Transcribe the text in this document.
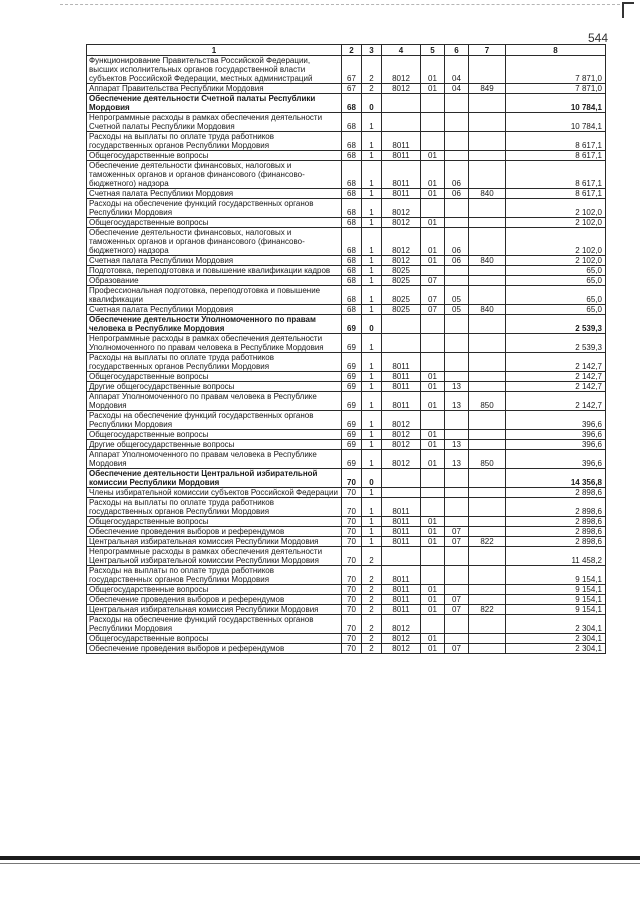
544
1	2	3	4	5	6	7	8
Функционирование Правительства Российской Федерации, высших исполнительных органов государственной власти субъектов Российской Федерации, местных администраций	67	2	8012	01	04		7 871,0
Аппарат Правительства Республики Мордовия	67	2	8012	01	04	849	7 871,0
Обеспечение деятельности Счетной палаты Республики Мордовия	68	0					10 784,1
Непрограммные расходы в рамках обеспечения деятельности Счетной палаты Республики Мордовия	68	1					10 784,1
Расходы на выплаты по оплате труда работников государственных органов Республики Мордовия	68	1	8011				8 617,1
Общегосударственные вопросы	68	1	8011	01			8 617,1
Обеспечение деятельности финансовых, налоговых и таможенных органов и органов финансового (финансово-бюджетного) надзора	68	1	8011	01	06		8 617,1
Счетная палата Республики Мордовия	68	1	8011	01	06	840	8 617,1
Расходы на обеспечение функций государственных органов Республики Мордовия	68	1	8012				2 102,0
Общегосударственные вопросы	68	1	8012	01			2 102,0
Обеспечение деятельности финансовых, налоговых и таможенных органов и органов финансового (финансово-бюджетного) надзора	68	1	8012	01	06		2 102,0
Счетная палата Республики Мордовия	68	1	8012	01	06	840	2 102,0
Подготовка, переподготовка и повышение квалификации кадров	68	1	8025				65,0
Образование	68	1	8025	07			65,0
Профессиональная подготовка, переподготовка и повышение квалификации	68	1	8025	07	05		65,0
Счетная палата Республики Мордовия	68	1	8025	07	05	840	65,0
Обеспечение деятельности Уполномоченного по правам человека в Республике Мордовия	69	0					2 539,3
Непрограммные расходы в рамках обеспечения деятельности Уполномоченного по правам человека в Республике Мордовия	69	1					2 539,3
Расходы на выплаты по оплате труда работников государственных органов Республики Мордовия	69	1	8011				2 142,7
Общегосударственные вопросы	69	1	8011	01			2 142,7
Другие общегосударственные вопросы	69	1	8011	01	13		2 142,7
Аппарат Уполномоченного по правам человека в Республике Мордовия	69	1	8011	01	13	850	2 142,7
Расходы на обеспечение функций государственных органов Республики Мордовия	69	1	8012				396,6
Общегосударственные вопросы	69	1	8012	01			396,6
Другие общегосударственные вопросы	69	1	8012	01	13		396,6
Аппарат Уполномоченного по правам человека в Республике Мордовия	69	1	8012	01	13	850	396,6
Обеспечение деятельности Центральной избирательной комиссии Республики Мордовия	70	0					14 356,8
Члены избирательной комиссии субъектов Российской Федерации	70	1					2 898,6
Расходы на выплаты по оплате труда работников государственных органов Республики Мордовия	70	1	8011				2 898,6
Общегосударственные вопросы	70	1	8011	01			2 898,6
Обеспечение проведения выборов и референдумов	70	1	8011	01	07		2 898,6
Центральная избирательная комиссия Республики Мордовия	70	1	8011	01	07	822	2 898,6
Непрограммные расходы в рамках обеспечения деятельности Центральной избирательной комиссии Республики Мордовия	70	2					11 458,2
Расходы на выплаты по оплате труда работников государственных органов Республики Мордовия	70	2	8011				9 154,1
Общегосударственные вопросы	70	2	8011	01			9 154,1
Обеспечение проведения выборов и референдумов	70	2	8011	01	07		9 154,1
Центральная избирательная комиссия Республики Мордовия	70	2	8011	01	07	822	9 154,1
Расходы на обеспечение функций государственных органов Республики Мордовия	70	2	8012				2 304,1
Общегосударственные вопросы	70	2	8012	01			2 304,1
Обеспечение проведения выборов и референдумов	70	2	8012	01	07		2 304,1
